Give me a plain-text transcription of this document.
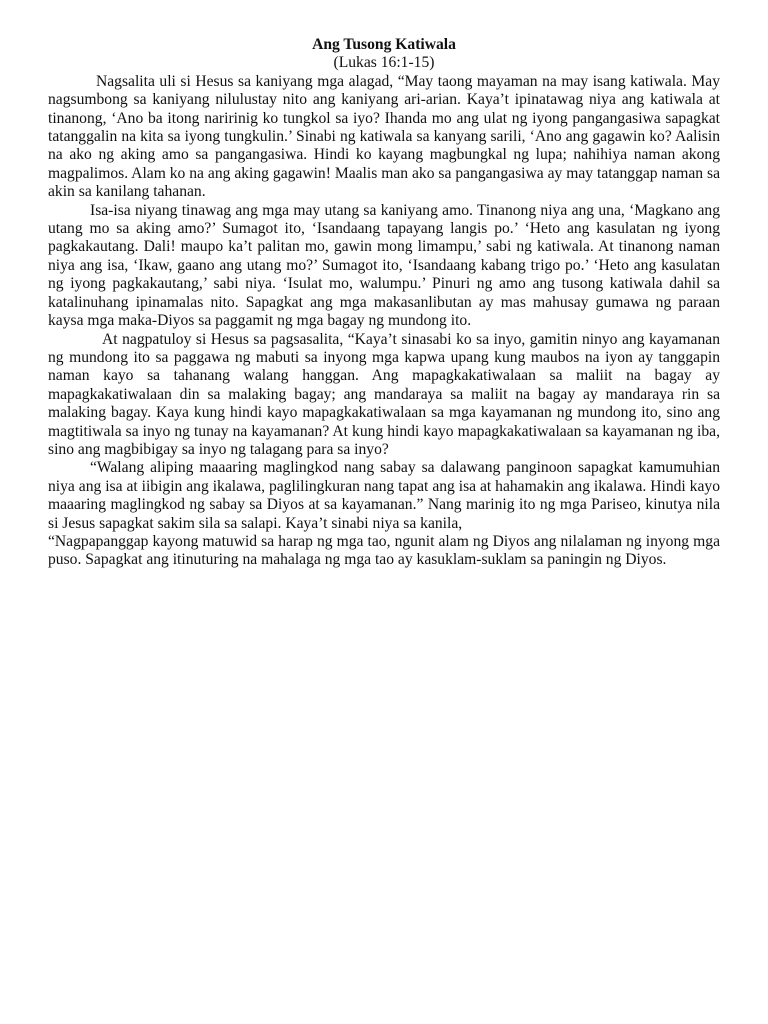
Ang Tusong Katiwala

(Lukas 16:1-15)

Nagsalita uli si Hesus sa kaniyang mga alagad, “May taong mayaman na may isang katiwala. May nagsumbong sa kaniyang nilulustay nito ang kaniyang ari-arian. Kaya’t ipinatawag niya ang katiwala at tinanong, ‘Ano ba itong naririnig ko tungkol sa iyo? Ihanda mo ang ulat ng iyong pangangasiwa sapagkat tatanggalin na kita sa iyong tungkulin.’ Sinabi ng katiwala sa kanyang sarili, ‘Ano ang gagawin ko? Aalisin na ako ng aking amo sa pangangasiwa. Hindi ko kayang magbungkal ng lupa; nahihiya naman akong magpalimos. Alam ko na ang aking gagawin! Maalis man ako sa pangangasiwa ay may tatanggap naman sa akin sa kanilang tahanan.

Isa-isa niyang tinawag ang mga may utang sa kaniyang amo. Tinanong niya ang una, ‘Magkano ang utang mo sa aking amo?’ Sumagot ito, ‘Isandaang tapayang langis po.’ ‘Heto ang kasulatan ng iyong pagkakautang. Dali! maupo ka’t palitan mo, gawin mong limampu,’ sabi ng katiwala. At tinanong naman niya ang isa, ‘Ikaw, gaano ang utang mo?’ Sumagot ito, ‘Isandaang kabang trigo po.’ ‘Heto ang kasulatan ng iyong pagkakautang,’ sabi niya. ‘Isulat mo, walumpu.’ Pinuri ng amo ang tusong katiwala dahil sa katalinuhang ipinamalas nito. Sapagkat ang mga makasanlibutan ay mas mahusay gumawa ng paraan kaysa mga maka-Diyos sa paggamit ng mga bagay ng mundong ito.

At nagpatuloy si Hesus sa pagsasalita, “Kaya’t sinasabi ko sa inyo, gamitin ninyo ang kayamanan ng mundong ito sa paggawa ng mabuti sa inyong mga kapwa upang kung maubos na iyon ay tanggapin naman kayo sa tahanang walang hanggan. Ang mapagkakatiwalaan sa maliit na bagay ay mapagkakatiwalaan din sa malaking bagay; ang mandaraya sa maliit na bagay ay mandaraya rin sa malaking bagay. Kaya kung hindi kayo mapagkakatiwalaan sa mga kayamanan ng mundong ito, sino ang magtitiwala sa inyo ng tunay na kayamanan? At kung hindi kayo mapagkakatiwalaan sa kayamanan ng iba, sino ang magbibigay sa inyo ng talagang para sa inyo?

“Walang aliping maaaring maglingkod nang sabay sa dalawang panginoon sapagkat kamumuhian niya ang isa at iibigin ang ikalawa, paglilingkuran nang tapat ang isa at hahamakin ang ikalawa. Hindi kayo maaaring maglingkod ng sabay sa Diyos at sa kayamanan.” Nang marinig ito ng mga Pariseo, kinutya nila si Jesus sapagkat sakim sila sa salapi. Kaya’t sinabi niya sa kanila,

“Nagpapanggap kayong matuwid sa harap ng mga tao, ngunit alam ng Diyos ang nilalaman ng inyong mga puso. Sapagkat ang itinuturing na mahalaga ng mga tao ay kasuklam-suklam sa paningin ng Diyos.
